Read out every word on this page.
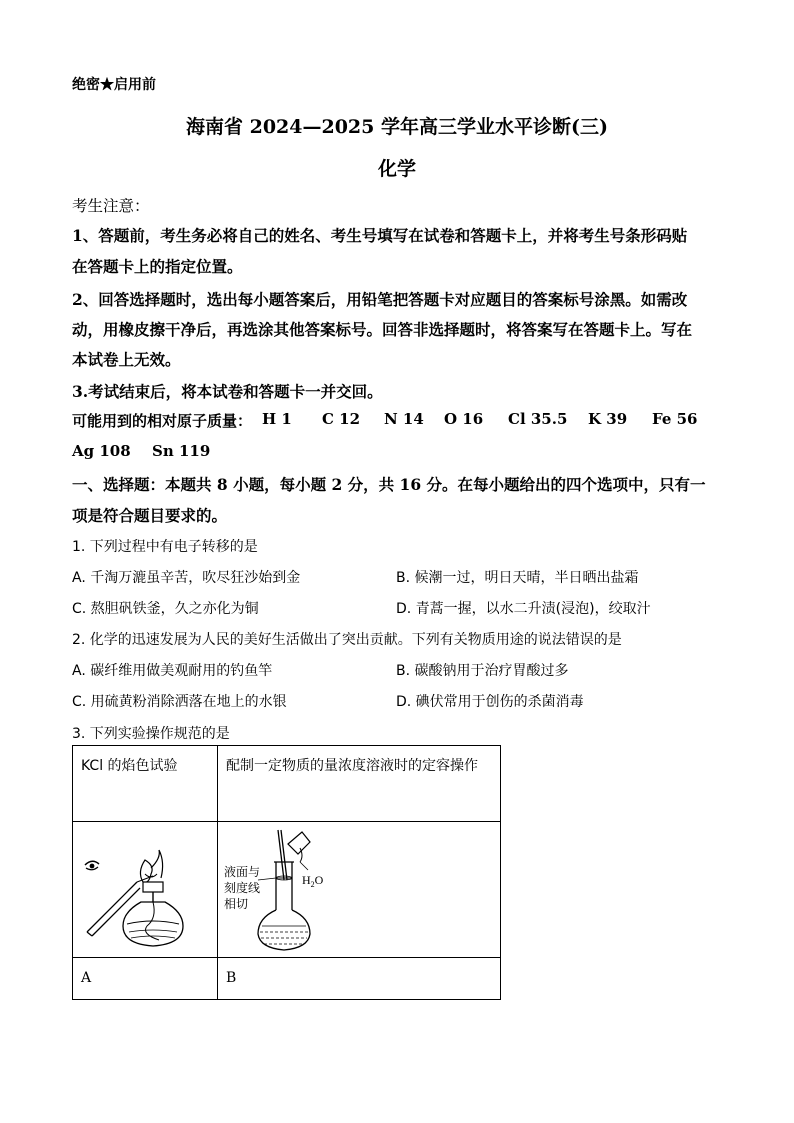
绝密★启用前
海南省 2024—2025 学年高三学业水平诊断(三)
化学
考生注意：
1、答题前，考生务必将自己的姓名、考生号填写在试卷和答题卡上，并将考生号条形码贴
在答题卡上的指定位置。
2、回答选择题时，选出每小题答案后，用铅笔把答题卡对应题目的答案标号涂黑。如需改
动，用橡皮擦干净后，再选涂其他答案标号。回答非选择题时，将答案写在答题卡上。写在
本试卷上无效。
3.考试结束后，将本试卷和答题卡一并交回。
可能用到的相对原子质量： H 1 C 12 N 14 O 16 Cl 35.5 K 39 Fe 56
Ag 108 Sn 119
一、选择题：本题共 8 小题，每小题 2 分，共 16 分。在每小题给出的四个选项中，只有一
项是符合题目要求的。
1. 下列过程中有电子转移的是
A. 千淘万漉虽辛苦，吹尽狂沙始到金	B. 候潮一过，明日天晴，半日晒出盐霜
C. 熬胆矾铁釜，久之亦化为铜	D. 青蒿一握，以水二升渍(浸泡)，绞取汁
2. 化学的迅速发展为人民的美好生活做出了突出贡献。下列有关物质用途的说法错误的是
A. 碳纤维用做美观耐用的钓鱼竿	B. 碳酸钠用于治疗胃酸过多
C. 用硫黄粉消除洒落在地上的水银	D. 碘伏常用于创伤的杀菌消毒
3. 下列实验操作规范的是
KCl 的焰色试验	配制一定物质的量浓度溶液时的定容操作

液面与
刻度线
相切
$H_2O$

A	B
